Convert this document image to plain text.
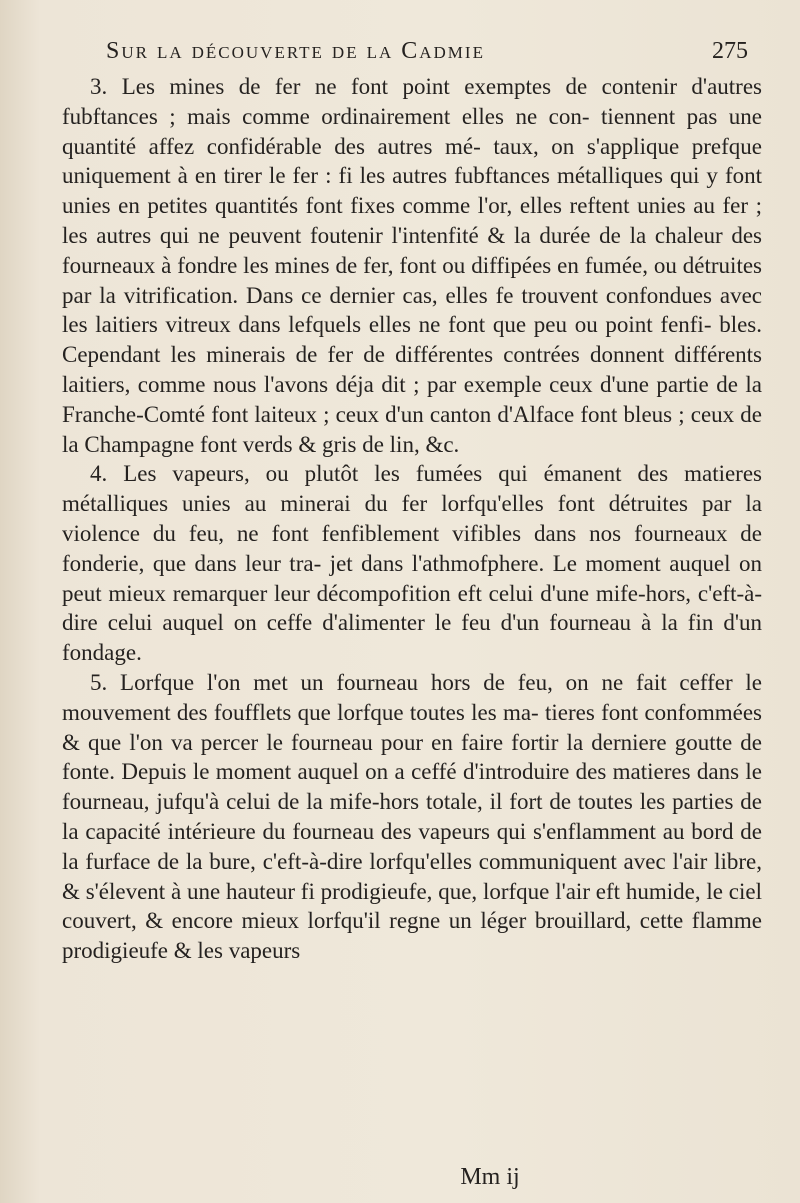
Sur la découverte de la Cadmie	275

3. Les mines de fer ne font point exemptes de contenir d'autres fubftances ; mais comme ordinairement elles ne con- tiennent pas une quantité affez confidérable des autres mé- taux, on s'applique prefque uniquement à en tirer le fer : fi les autres fubftances métalliques qui y font unies en petites quantités font fixes comme l'or, elles reftent unies au fer ; les autres qui ne peuvent foutenir l'intenfité & la durée de la chaleur des fourneaux à fondre les mines de fer, font ou diffipées en fumée, ou détruites par la vitrification. Dans ce dernier cas, elles fe trouvent confondues avec les laitiers vitreux dans lefquels elles ne font que peu ou point fenfi- bles. Cependant les minerais de fer de différentes contrées donnent différents laitiers, comme nous l'avons déja dit ; par exemple ceux d'une partie de la Franche-Comté font laiteux ; ceux d'un canton d'Alface font bleus ; ceux de la Champagne font verds & gris de lin, &c.

4. Les vapeurs, ou plutôt les fumées qui émanent des matieres métalliques unies au minerai du fer lorfqu'elles font détruites par la violence du feu, ne font fenfiblement vifibles dans nos fourneaux de fonderie, que dans leur tra- jet dans l'athmofphere. Le moment auquel on peut mieux remarquer leur décompofition eft celui d'une mife-hors, c'eft-à-dire celui auquel on ceffe d'alimenter le feu d'un fourneau à la fin d'un fondage.

5. Lorfque l'on met un fourneau hors de feu, on ne fait ceffer le mouvement des foufflets que lorfque toutes les ma- tieres font confommées & que l'on va percer le fourneau pour en faire fortir la derniere goutte de fonte. Depuis le moment auquel on a ceffé d'introduire des matieres dans le fourneau, jufqu'à celui de la mife-hors totale, il fort de toutes les parties de la capacité intérieure du fourneau des vapeurs qui s'enflamment au bord de la furface de la bure, c'eft-à-dire lorfqu'elles communiquent avec l'air libre, & s'élevent à une hauteur fi prodigieufe, que, lorfque l'air eft humide, le ciel couvert, & encore mieux lorfqu'il regne un léger brouillard, cette flamme prodigieufe & les vapeurs

Mm ij
